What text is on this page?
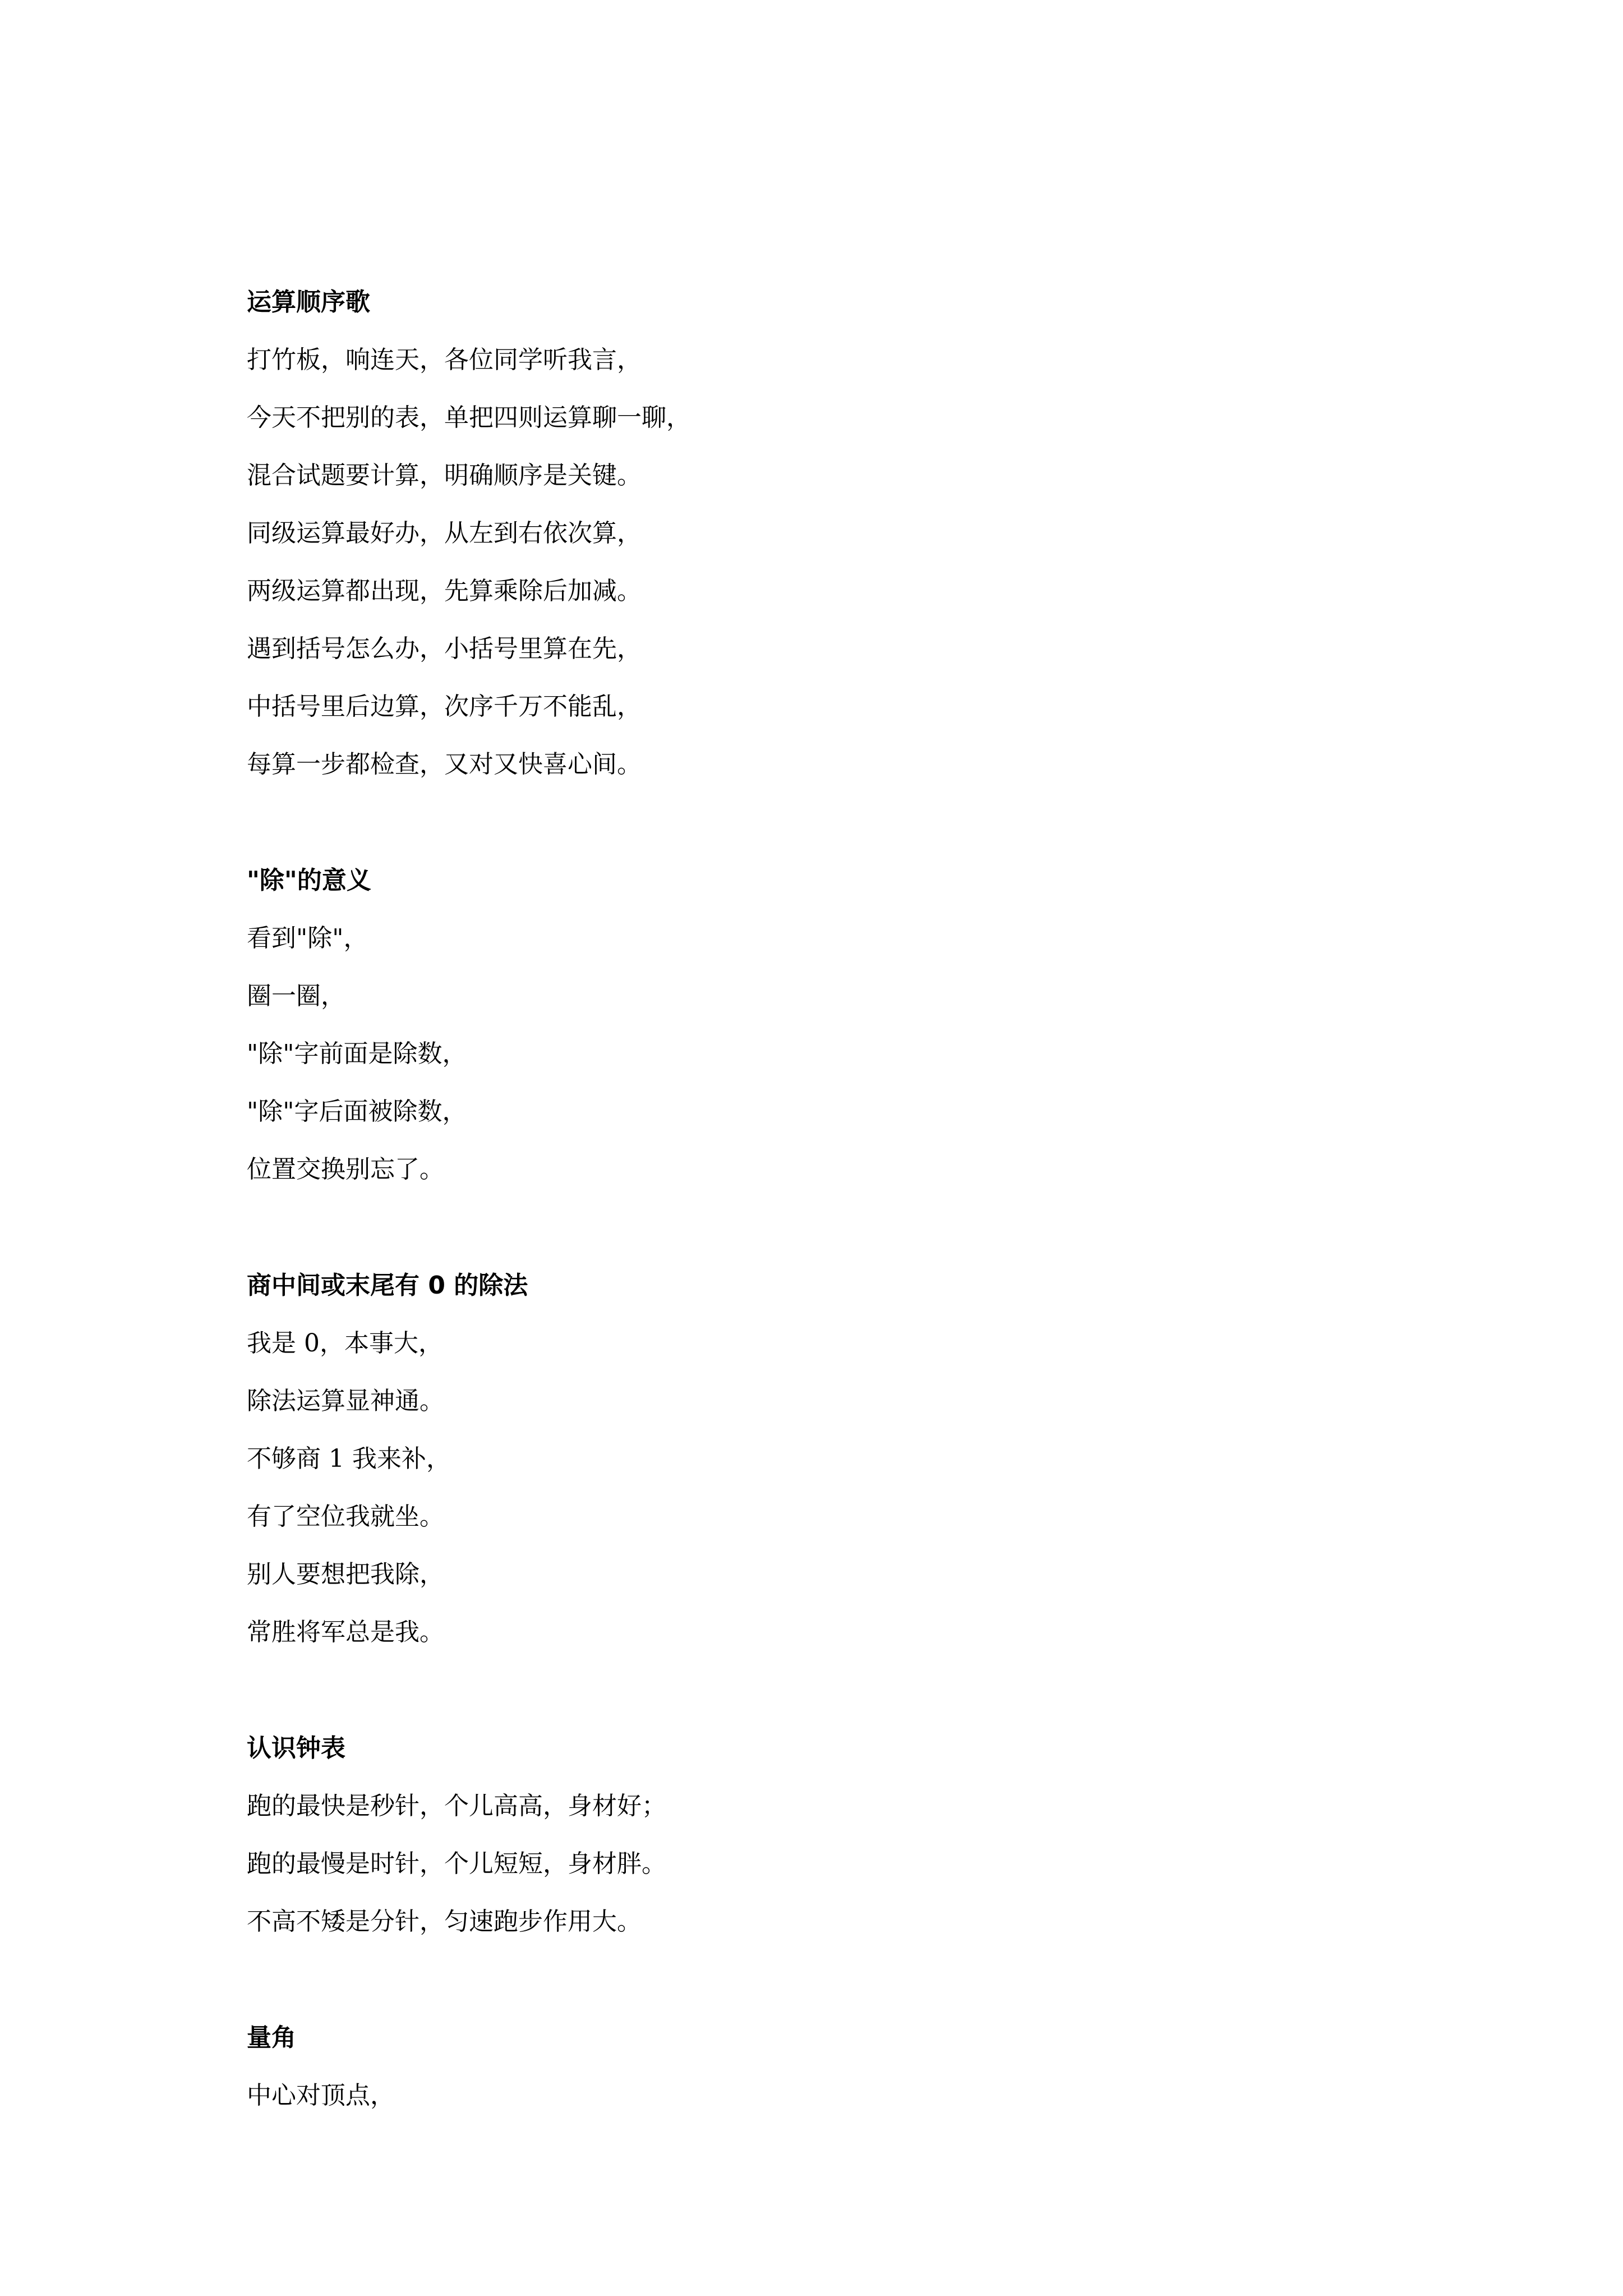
运算顺序歌
打竹板，响连天，各位同学听我言，
今天不把别的表，单把四则运算聊一聊，
混合试题要计算，明确顺序是关键。
同级运算最好办，从左到右依次算，
两级运算都出现，先算乘除后加减。
遇到括号怎么办，小括号里算在先，
中括号里后边算，次序千万不能乱，
每算一步都检查，又对又快喜心间。
"除"的意义
看到"除"，
圈一圈，
"除"字前面是除数，
"除"字后面被除数，
位置交换别忘了。
商中间或末尾有 0 的除法
我是 0，本事大，
除法运算显神通。
不够商 1 我来补，
有了空位我就坐。
别人要想把我除，
常胜将军总是我。
认识钟表
跑的最快是秒针，个儿高高，身材好；
跑的最慢是时针，个儿短短，身材胖。
不高不矮是分针，匀速跑步作用大。
量角
中心对顶点，
